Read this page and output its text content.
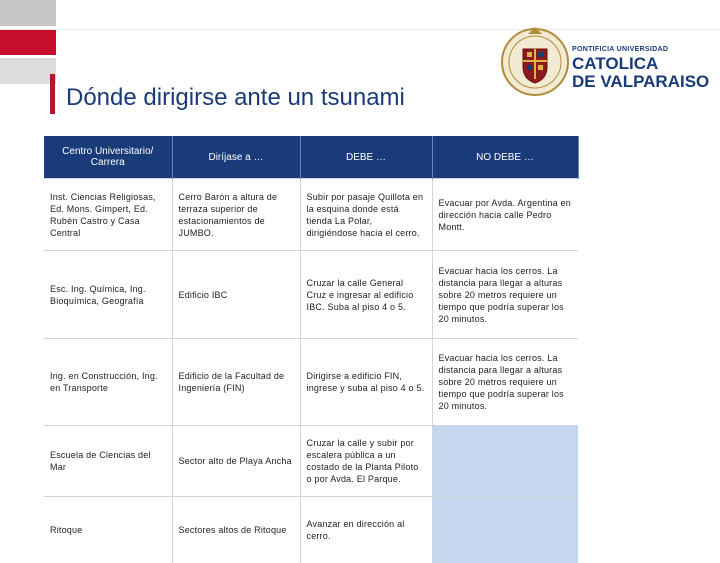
Dónde dirigirse ante un tsunami
PONTIFICIA UNIVERSIDAD
CATOLICA
DE VALPARAISO
Centro Universitario/ Carrera	Diríjase a …	DEBE …	NO DEBE …
Inst. Ciencias Religiosas, Ed. Mons. Gimpert, Ed. Rubén Castro y Casa Central	Cerro Barón a altura de terraza superior de estacionamientos de JUMBO.	Subir por pasaje Quillota en la esquina donde está tienda La Polar, dirigiéndose hacia el cerro.	Evacuar por Avda. Argentina en dirección hacia calle Pedro Montt.
Esc. Ing. Química, Ing. Bioquímica, Geografía	Edificio IBC	Cruzar la calle General Cruz e ingresar al edificio IBC. Suba al piso 4 o 5.	Evacuar hacia los cerros. La distancia para llegar a alturas sobre 20 metros requiere un tiempo que podría superar los 20 minutos.
Ing. en Construcción, Ing. en Transporte	Edificio de la Facultad de Ingeniería (FIN)	Dirigirse a edificio FIN, ingrese y suba al piso 4 o 5.	Evacuar hacia los cerros. La distancia para llegar a alturas sobre 20 metros requiere un tiempo que podría superar los 20 minutos.
Escuela de Ciencias del Mar	Sector alto de Playa Ancha	Cruzar la calle y subir por escalera pública a un costado de la Planta Piloto o por Avda. El Parque.	
Ritoque	Sectores altos de Ritoque	Avanzar en dirección al cerro.	
